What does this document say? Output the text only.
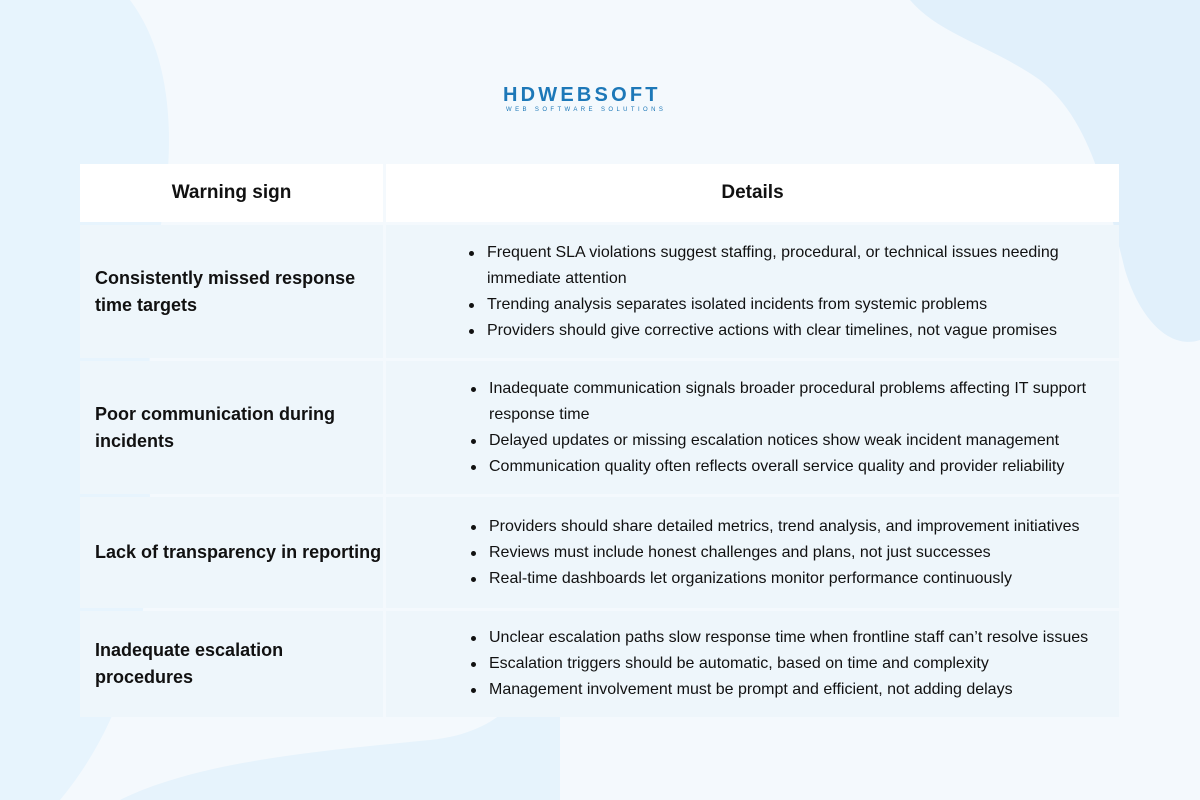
HDWEBSOFT
WEB SOFTWARE SOLUTIONS
Warning sign	Details
Consistently missed response time targets
Frequent SLA violations suggest staffing, procedural, or technical issues needing immediate attention
Trending analysis separates isolated incidents from systemic problems
Providers should give corrective actions with clear timelines, not vague promises
Poor communication during incidents
Inadequate communication signals broader procedural problems affecting IT support response time
Delayed updates or missing escalation notices show weak incident management
Communication quality often reflects overall service quality and provider reliability
Lack of transparency in reporting
Providers should share detailed metrics, trend analysis, and improvement initiatives
Reviews must include honest challenges and plans, not just successes
Real-time dashboards let organizations monitor performance continuously
Inadequate escalation procedures
Unclear escalation paths slow response time when frontline staff can’t resolve issues
Escalation triggers should be automatic, based on time and complexity
Management involvement must be prompt and efficient, not adding delays
